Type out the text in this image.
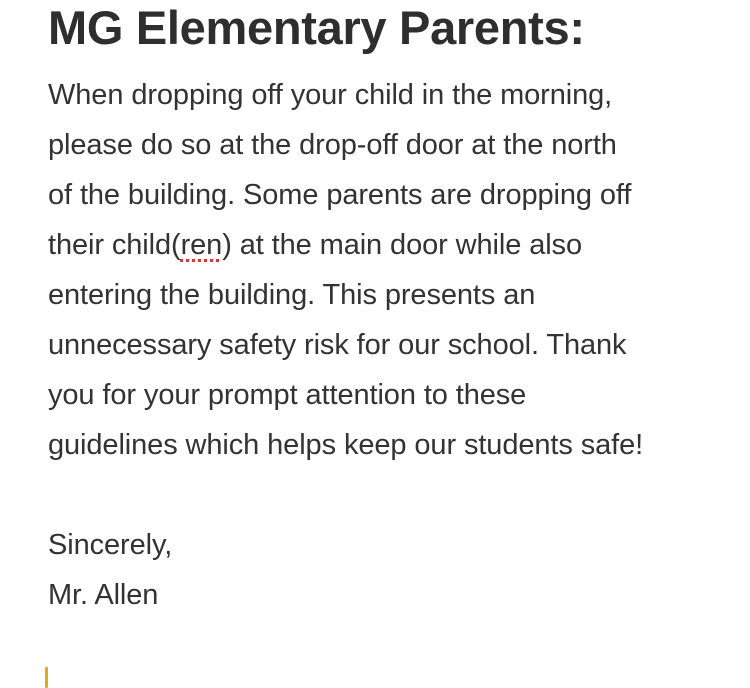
MG Elementary Parents:
When dropping off your child in the morning,
please do so at the drop-off door at the north
of the building. Some parents are dropping off
their child(ren) at the main door while also
entering the building. This presents an
unnecessary safety risk for our school. Thank
you for your prompt attention to these
guidelines which helps keep our students safe!
Sincerely,
Mr. Allen
